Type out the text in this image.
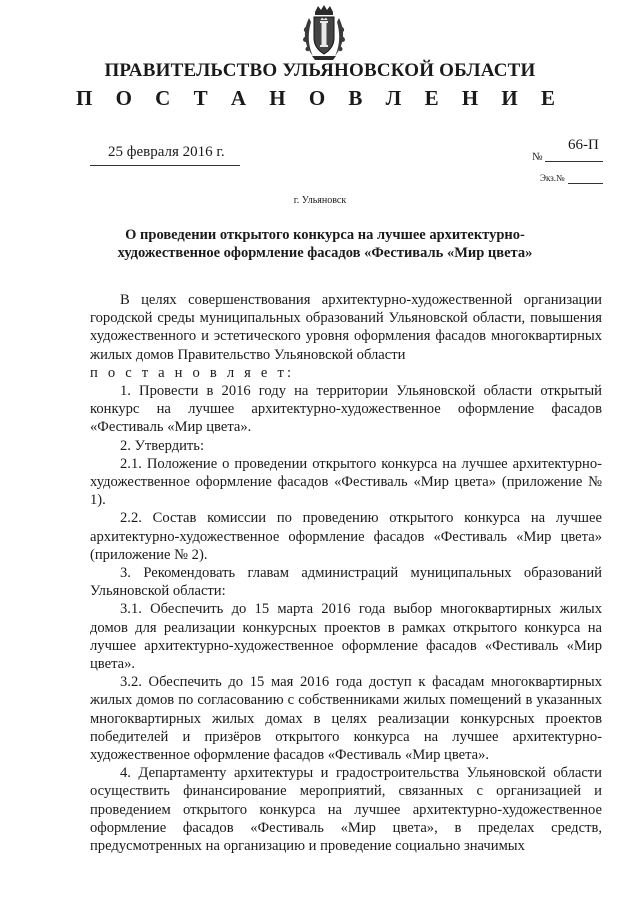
ПРАВИТЕЛЬСТВО УЛЬЯНОВСКОЙ ОБЛАСТИ
П О С Т А Н О В Л Е Н И Е
25 февраля 2016 г.	66-П
№
Экз.№
г. Ульяновск
О проведении открытого конкурса на лучшее архитектурно-
художественное оформление фасадов «Фестиваль «Мир цвета»

В целях совершенствования архитектурно-художественной организации городской среды муниципальных образований Ульяновской области, повышения художественного и эстетического уровня оформления фасадов многоквартирных жилых домов Правительство Ульяновской области

п о с т а н о в л я е т:

1. Провести в 2016 году на территории Ульяновской области открытый конкурс на лучшее архитектурно-художественное оформление фасадов «Фестиваль «Мир цвета».

2. Утвердить:

2.1. Положение о проведении открытого конкурса на лучшее архитектурно-художественное оформление фасадов «Фестиваль «Мир цвета» (приложение № 1).

2.2. Состав комиссии по проведению открытого конкурса на лучшее архитектурно-художественное оформление фасадов «Фестиваль «Мир цвета» (приложение № 2).

3. Рекомендовать главам администраций муниципальных образований Ульяновской области:

3.1. Обеспечить до 15 марта 2016 года выбор многоквартирных жилых домов для реализации конкурсных проектов в рамках открытого конкурса на лучшее архитектурно-художественное оформление фасадов «Фестиваль «Мир цвета».

3.2. Обеспечить до 15 мая 2016 года доступ к фасадам многоквартирных жилых домов по согласованию с собственниками жилых помещений в указанных многоквартирных жилых домах в целях реализации конкурсных проектов победителей и призёров открытого конкурса на лучшее архитектурно-художественное оформление фасадов «Фестиваль «Мир цвета».

4. Департаменту архитектуры и градостроительства Ульяновской области осуществить финансирование мероприятий, связанных с организацией и проведением открытого конкурса на лучшее архитектурно-художественное оформление фасадов «Фестиваль «Мир цвета», в пределах средств, предусмотренных на организацию и проведение социально значимых
